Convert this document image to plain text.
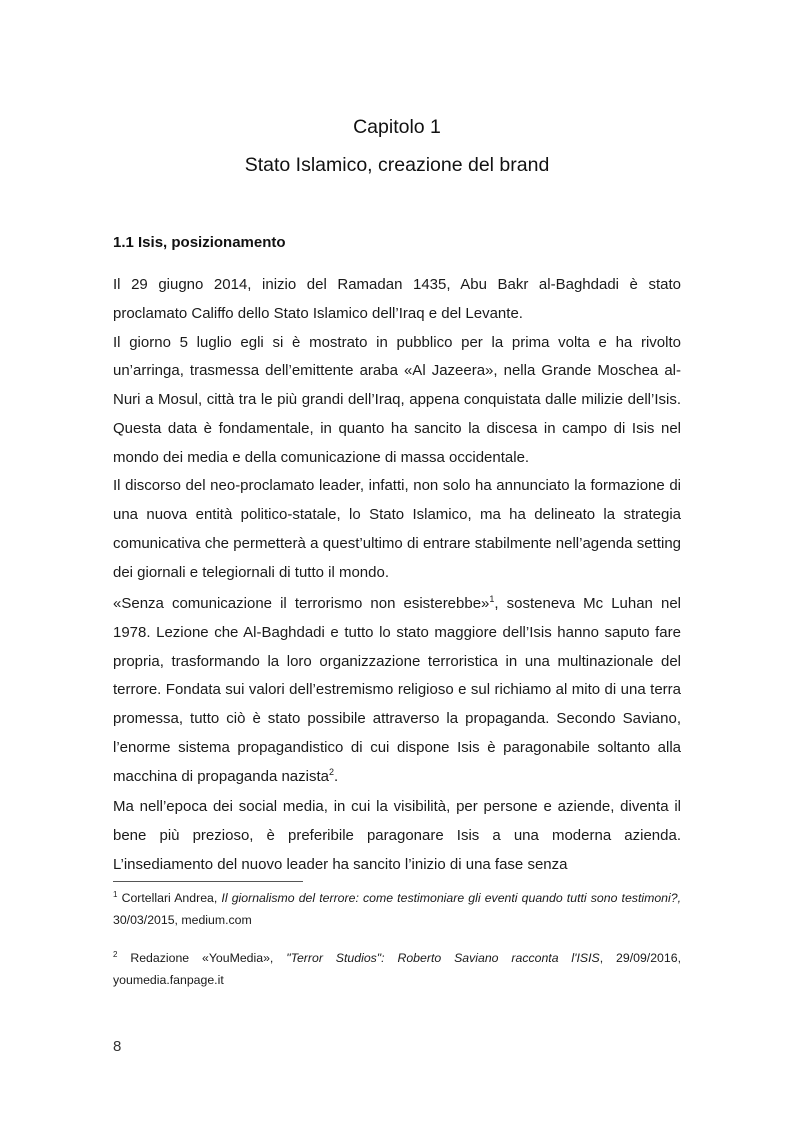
Capitolo 1
Stato Islamico, creazione del brand
1.1 Isis, posizionamento

Il 29 giugno 2014, inizio del Ramadan 1435, Abu Bakr al-Baghdadi è stato proclamato Califfo dello Stato Islamico dell’Iraq e del Levante.

Il giorno 5 luglio egli si è mostrato in pubblico per la prima volta e ha rivolto un’arringa, trasmessa dell’emittente araba «Al Jazeera», nella Grande Moschea al-Nuri a Mosul, città tra le più grandi dell’Iraq, appena conquistata dalle milizie dell’Isis. Questa data è fondamentale, in quanto ha sancito la discesa in campo di Isis nel mondo dei media e della comunicazione di massa occidentale.

Il discorso del neo-proclamato leader, infatti, non solo ha annunciato la formazione di una nuova entità politico-statale, lo Stato Islamico, ma ha delineato la strategia comunicativa che permetterà a quest’ultimo di entrare stabilmente nell’agenda setting dei giornali e telegiornali di tutto il mondo.

«Senza comunicazione il terrorismo non esisterebbe»$^1$, sosteneva Mc Luhan nel 1978. Lezione che Al-Baghdadi e tutto lo stato maggiore dell’Isis hanno saputo fare propria, trasformando la loro organizzazione terroristica in una multinazionale del terrore. Fondata sui valori dell’estremismo religioso e sul richiamo al mito di una terra promessa, tutto ciò è stato possibile attraverso la propaganda. Secondo Saviano, l’enorme sistema propagandistico di cui dispone Isis è paragonabile soltanto alla macchina di propaganda nazista$^2$.

Ma nell’epoca dei social media, in cui la visibilità, per persone e aziende, diventa il bene più prezioso, è preferibile paragonare Isis a una moderna azienda. L’insediamento del nuovo leader ha sancito l’inizio di una fase senza

$^1$ Cortellari Andrea, Il giornalismo del terrore: come testimoniare gli eventi quando tutti sono testimoni?, 30/03/2015, medium.com
$^2$ Redazione «YouMedia», "Terror Studios": Roberto Saviano racconta l'ISIS, 29/09/2016, youmedia.fanpage.it
8
